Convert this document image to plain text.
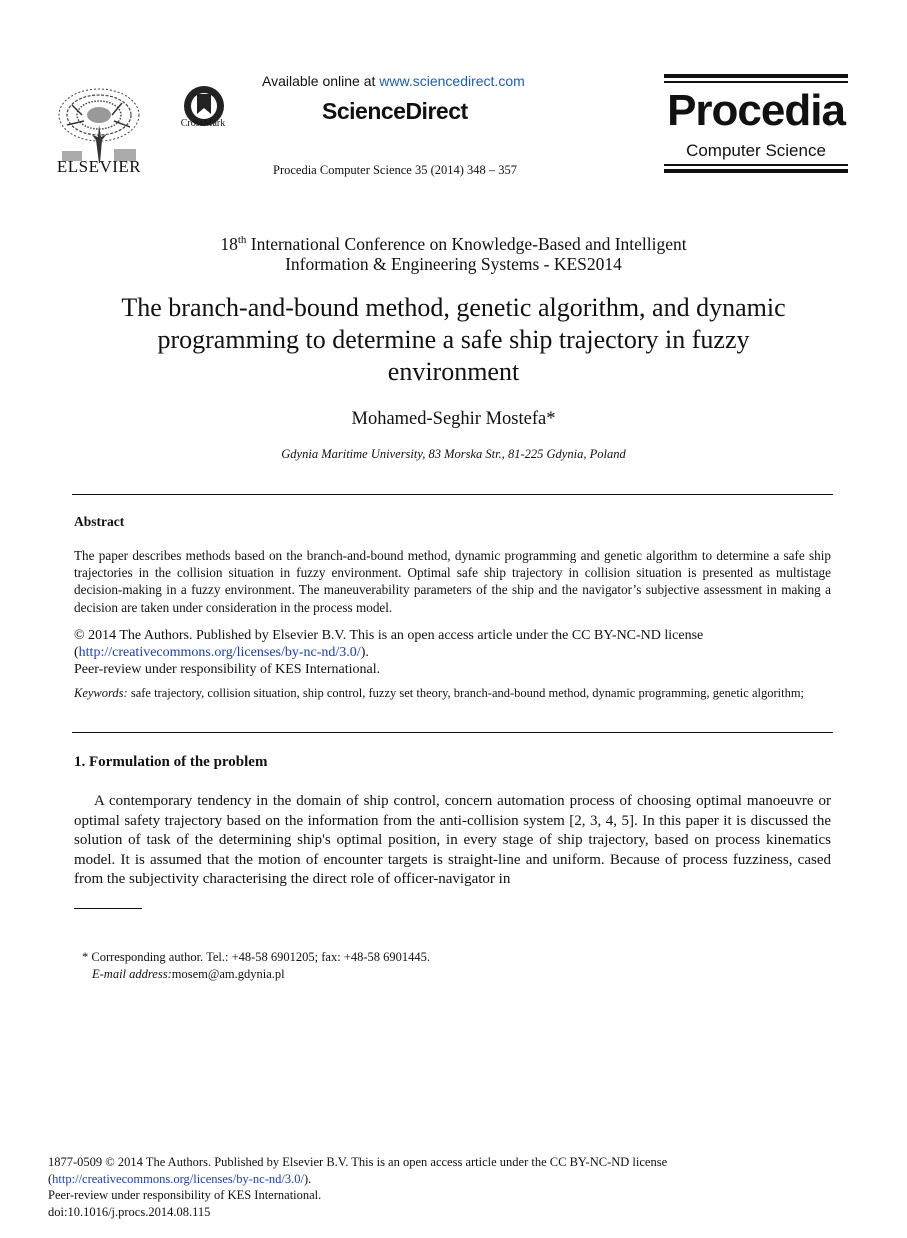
ELSEVIER
CrossMark
Available online at www.sciencedirect.com
ScienceDirect
Procedia Computer Science 35 (2014) 348 – 357
Procedia
Computer Science
18th International Conference on Knowledge-Based and Intelligent
Information & Engineering Systems - KES2014
The branch-and-bound method, genetic algorithm, and dynamic
programming to determine a safe ship trajectory in fuzzy
environment
Mohamed-Seghir Mostefa*
Gdynia Maritime University, 83 Morska Str., 81-225 Gdynia, Poland
Abstract
The paper describes methods based on the branch-and-bound method, dynamic programming and genetic algorithm to determine a safe ship trajectories in the collision situation in fuzzy environment. Optimal safe ship trajectory in collision situation is presented as multistage decision-making in a fuzzy environment. The maneuverability parameters of the ship and the navigator’s subjective assessment in making a decision are taken under consideration in the process model.
© 2014 The Authors. Published by Elsevier B.V. This is an open access article under the CC BY-NC-ND license
(http://creativecommons.org/licenses/by-nc-nd/3.0/).
Peer-review under responsibility of KES International.
Keywords: safe trajectory, collision situation, ship control, fuzzy set theory, branch-and-bound method, dynamic programming, genetic algorithm;
1. Formulation of the problem
A contemporary tendency in the domain of ship control, concern automation process of choosing optimal manoeuvre or optimal safety trajectory based on the information from the anti-collision system [2, 3, 4, 5]. In this paper it is discussed the solution of task of the determining ship's optimal position, in every stage of ship trajectory, based on process kinematics model. It is assumed that the motion of encounter targets is straight-line and uniform. Because of process fuzziness, cased from the subjectivity characterising the direct role of officer-navigator in
* Corresponding author. Tel.: +48-58 6901205; fax: +48-58 6901445.
E-mail address:mosem@am.gdynia.pl
1877-0509 © 2014 The Authors. Published by Elsevier B.V. This is an open access article under the CC BY-NC-ND license
(http://creativecommons.org/licenses/by-nc-nd/3.0/).
Peer-review under responsibility of KES International.
doi:10.1016/j.procs.2014.08.115
